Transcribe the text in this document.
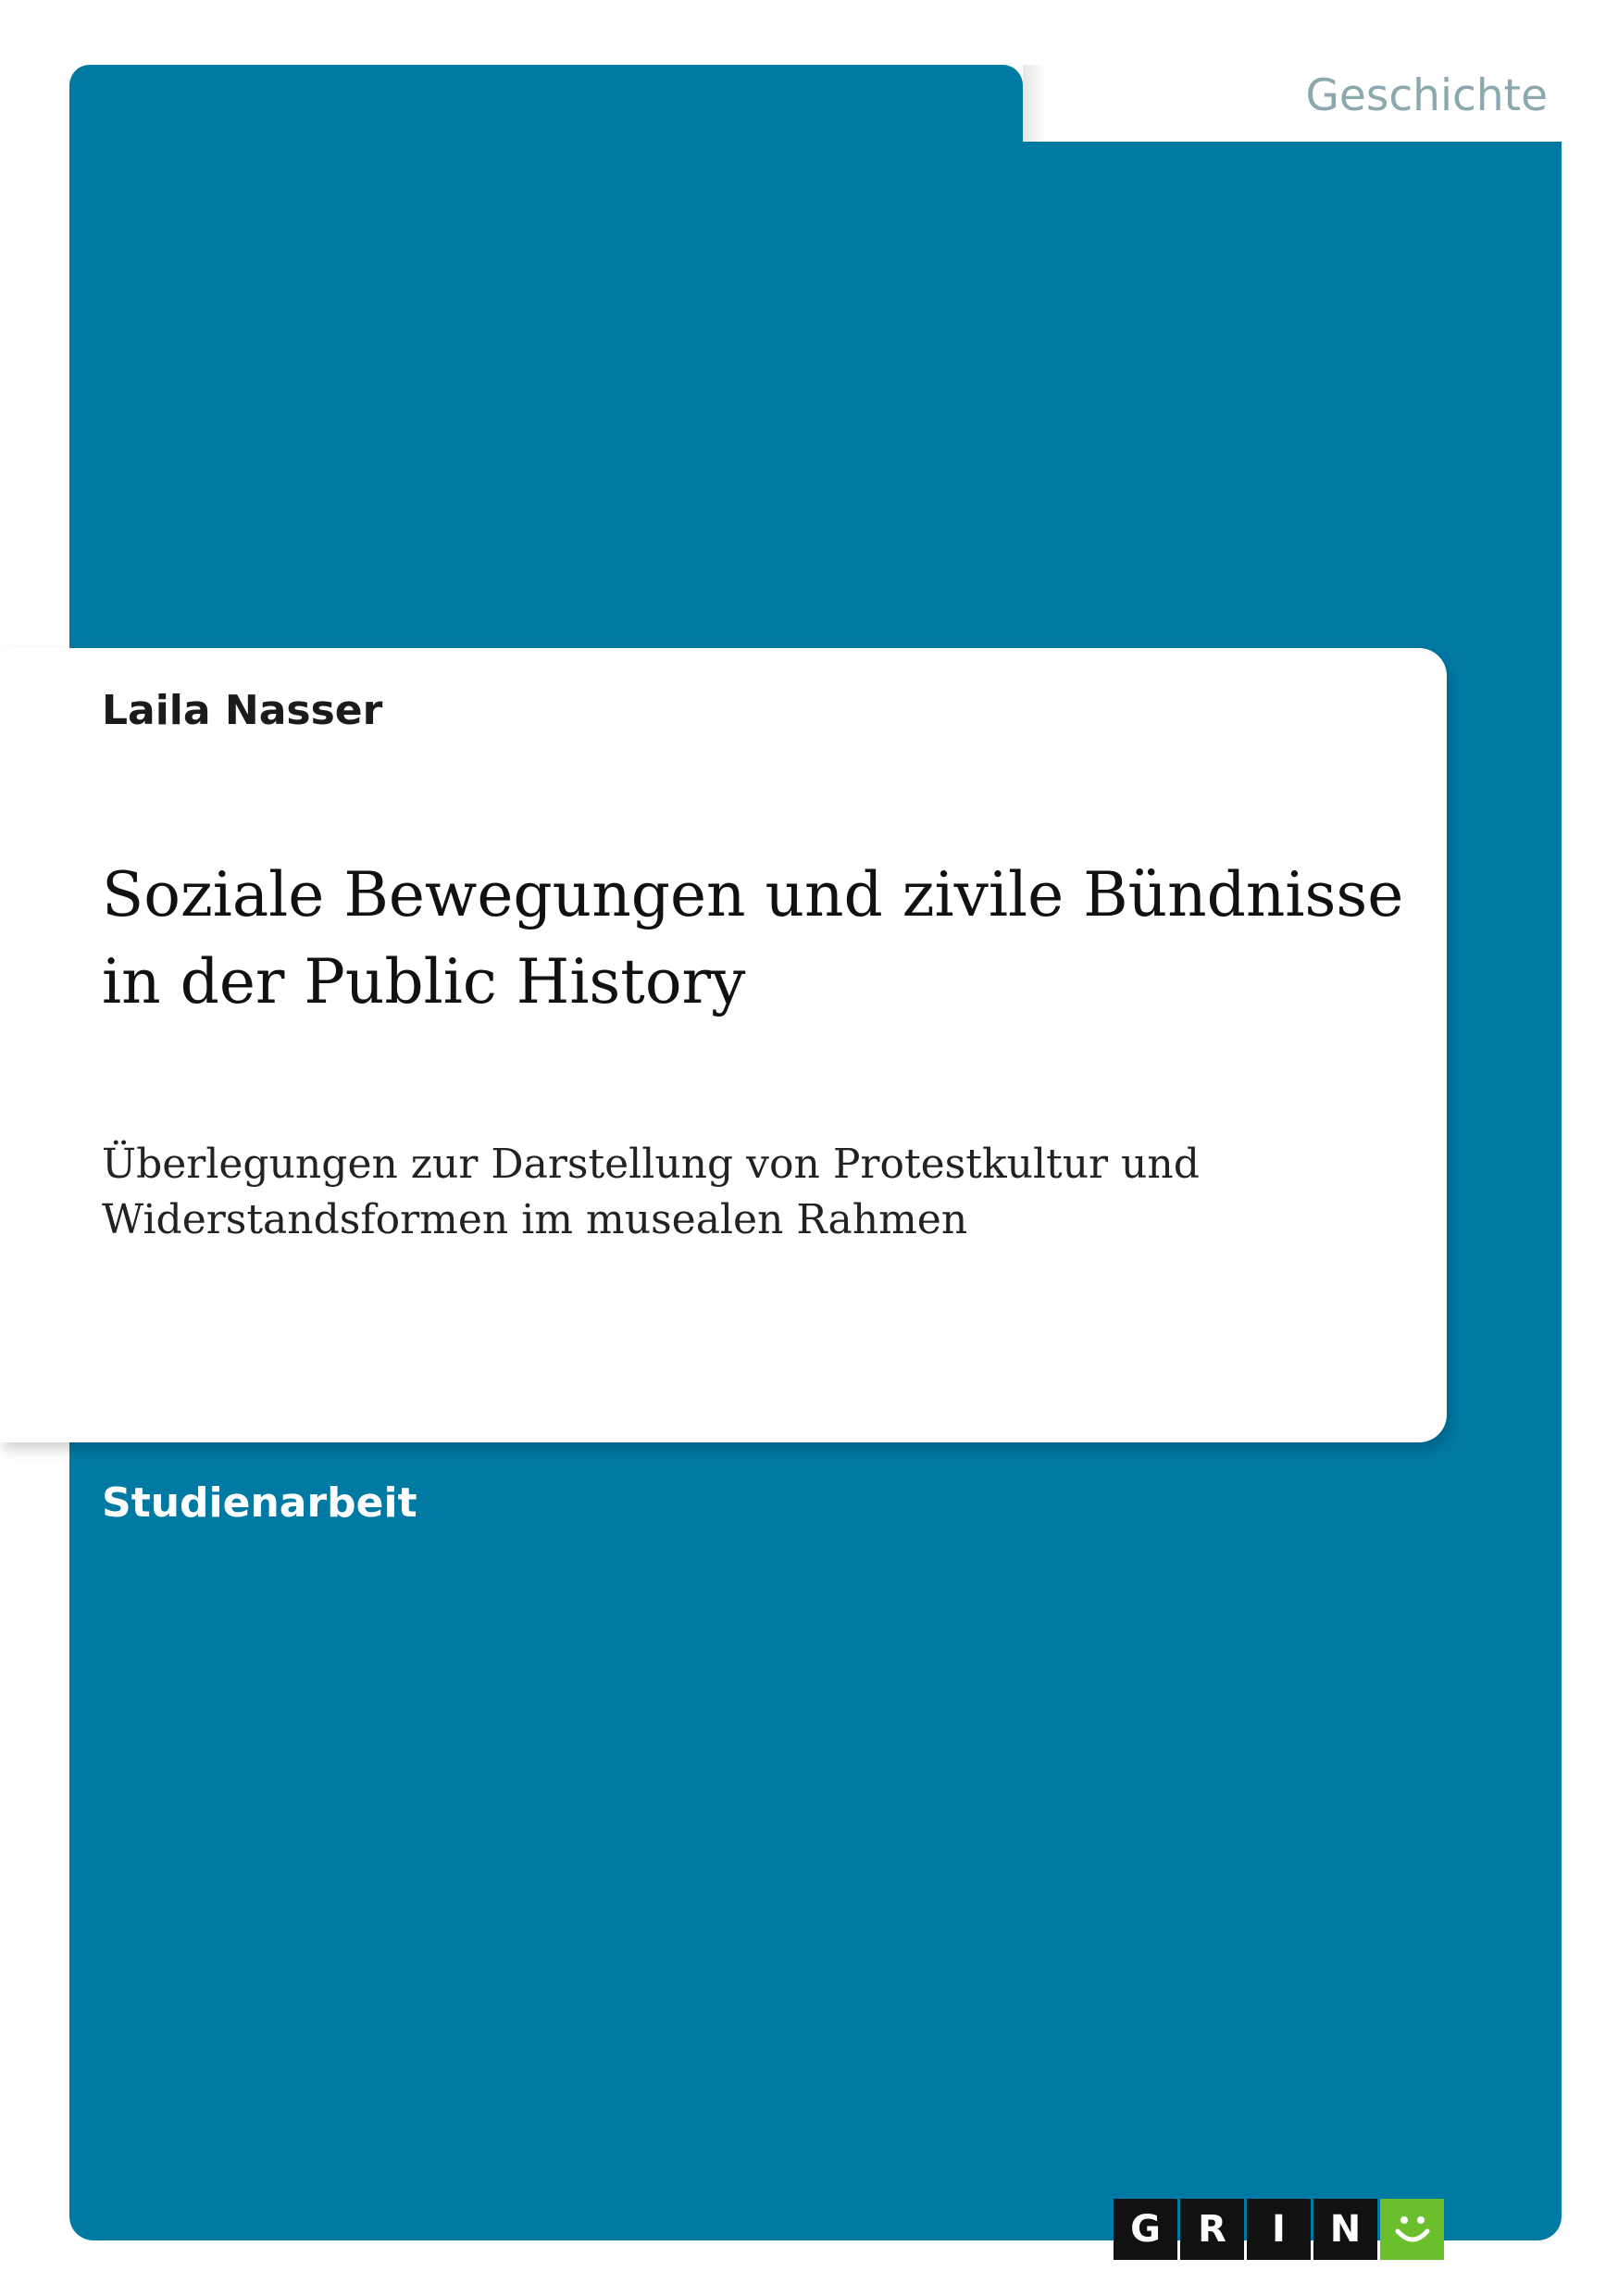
Geschichte

Laila Nasser

Soziale Bewegungen und zivile Bündnisse in der Public History

Überlegungen zur Darstellung von Protestkultur und Widerstandsformen im musealen Rahmen

Studienarbeit

G	R	I	N
